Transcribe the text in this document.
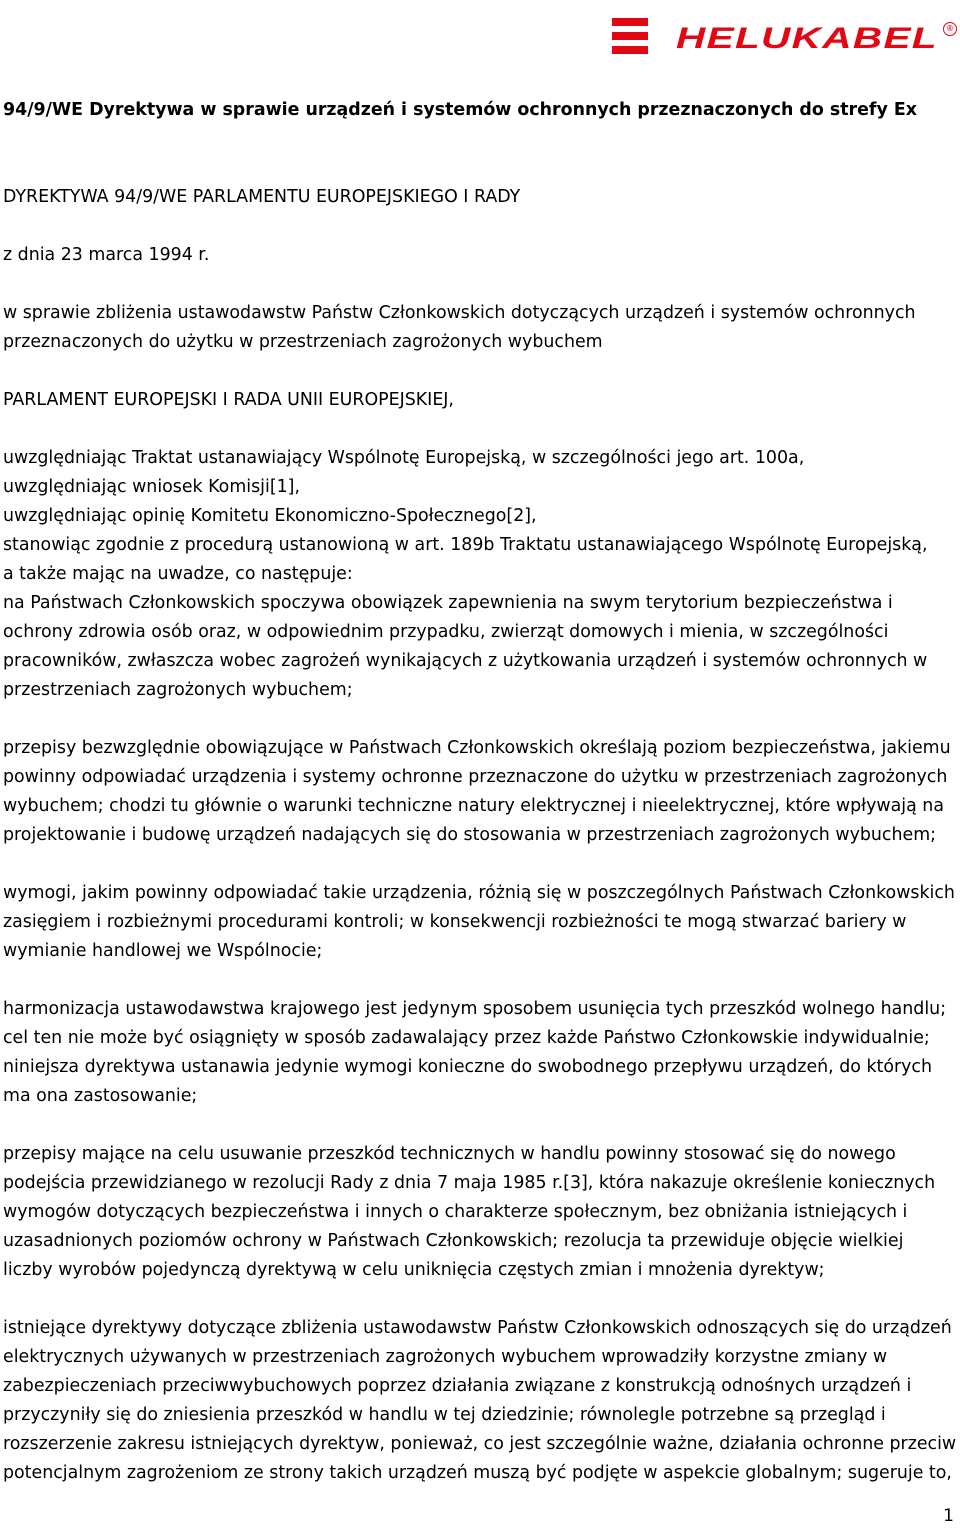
HELUKABEL	®

94/9/WE Dyrektywa w sprawie urządzeń i systemów ochronnych przeznaczonych do strefy Ex

DYREKTYWA 94/9/WE PARLAMENTU EUROPEJSKIEGO I RADY

z dnia 23 marca 1994 r.

w sprawie zbliżenia ustawodawstw Państw Członkowskich dotyczących urządzeń i systemów ochronnych

przeznaczonych do użytku w przestrzeniach zagrożonych wybuchem

PARLAMENT EUROPEJSKI I RADA UNII EUROPEJSKIEJ,

uwzględniając Traktat ustanawiający Wspólnotę Europejską, w szczególności jego art. 100a,

uwzględniając wniosek Komisji[1],

uwzględniając opinię Komitetu Ekonomiczno-Społecznego[2],

stanowiąc zgodnie z procedurą ustanowioną w art. 189b Traktatu ustanawiającego Wspólnotę Europejską,

a także mając na uwadze, co następuje:

na Państwach Członkowskich spoczywa obowiązek zapewnienia na swym terytorium bezpieczeństwa i

ochrony zdrowia osób oraz, w odpowiednim przypadku, zwierząt domowych i mienia, w szczególności

pracowników, zwłaszcza wobec zagrożeń wynikających z użytkowania urządzeń i systemów ochronnych w

przestrzeniach zagrożonych wybuchem;

przepisy bezwzględnie obowiązujące w Państwach Członkowskich określają poziom bezpieczeństwa, jakiemu

powinny odpowiadać urządzenia i systemy ochronne przeznaczone do użytku w przestrzeniach zagrożonych

wybuchem; chodzi tu głównie o warunki techniczne natury elektrycznej i nieelektrycznej, które wpływają na

projektowanie i budowę urządzeń nadających się do stosowania w przestrzeniach zagrożonych wybuchem;

wymogi, jakim powinny odpowiadać takie urządzenia, różnią się w poszczególnych Państwach Członkowskich

zasięgiem i rozbieżnymi procedurami kontroli; w konsekwencji rozbieżności te mogą stwarzać bariery w

wymianie handlowej we Wspólnocie;

harmonizacja ustawodawstwa krajowego jest jedynym sposobem usunięcia tych przeszkód wolnego handlu;

cel ten nie może być osiągnięty w sposób zadawalający przez każde Państwo Członkowskie indywidualnie;

niniejsza dyrektywa ustanawia jedynie wymogi konieczne do swobodnego przepływu urządzeń, do których

ma ona zastosowanie;

przepisy mające na celu usuwanie przeszkód technicznych w handlu powinny stosować się do nowego

podejścia przewidzianego w rezolucji Rady z dnia 7 maja 1985 r.[3], która nakazuje określenie koniecznych

wymogów dotyczących bezpieczeństwa i innych o charakterze społecznym, bez obniżania istniejących i

uzasadnionych poziomów ochrony w Państwach Członkowskich; rezolucja ta przewiduje objęcie wielkiej

liczby wyrobów pojedynczą dyrektywą w celu uniknięcia częstych zmian i mnożenia dyrektyw;

istniejące dyrektywy dotyczące zbliżenia ustawodawstw Państw Członkowskich odnoszących się do urządzeń

elektrycznych używanych w przestrzeniach zagrożonych wybuchem wprowadziły korzystne zmiany w

zabezpieczeniach przeciwwybuchowych poprzez działania związane z konstrukcją odnośnych urządzeń i

przyczyniły się do zniesienia przeszkód w handlu w tej dziedzinie; równolegle potrzebne są przegląd i

rozszerzenie zakresu istniejących dyrektyw, ponieważ, co jest szczególnie ważne, działania ochronne przeciw

potencjalnym zagrożeniom ze strony takich urządzeń muszą być podjęte w aspekcie globalnym; sugeruje to,

1
